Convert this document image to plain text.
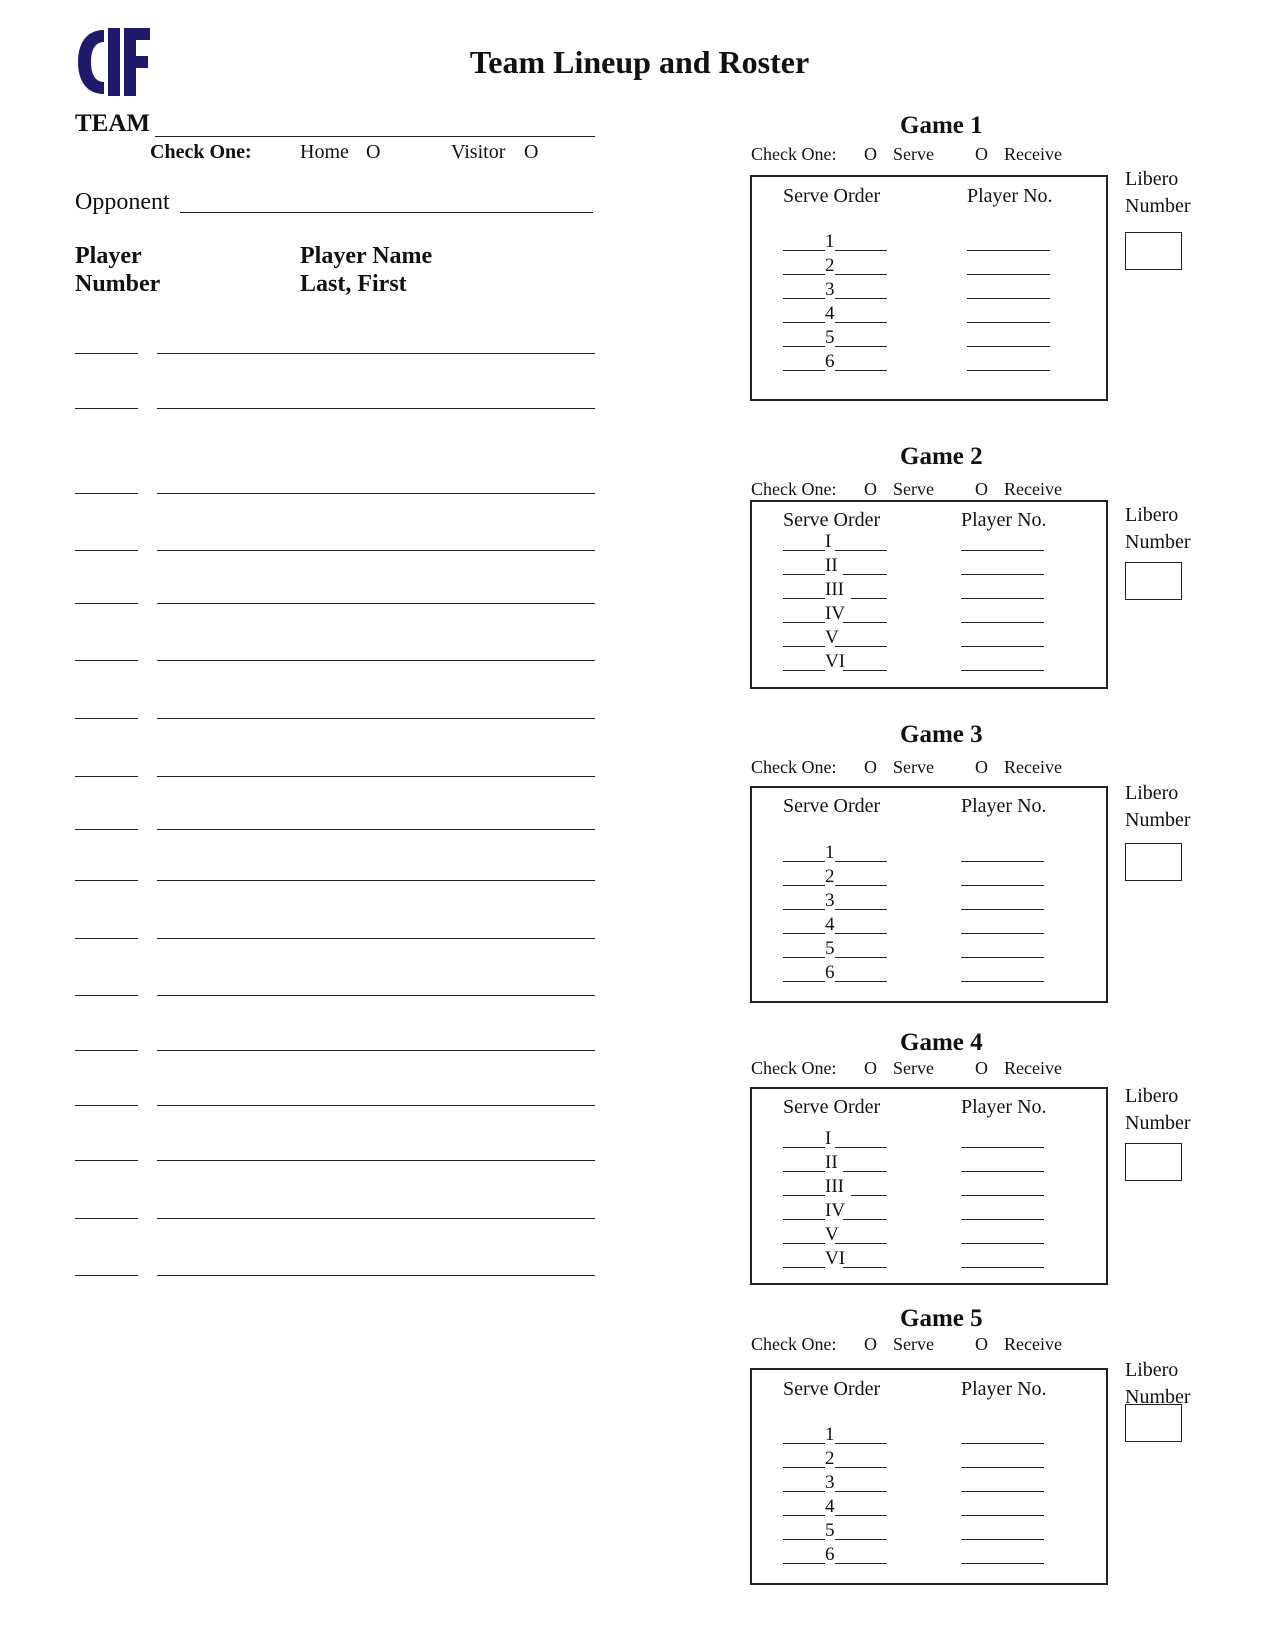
Team Lineup and Roster
TEAM
Check One: Home O	Visitor O
Opponent
Player
Number
Player Name
Last, First
Game 1
Check One: O Serve O Receive
Serve Order	Player No.
1
2
3
4
5
6
Libero
Number
Game 2
Check One: O Serve O Receive
Serve Order	Player No.
I
II
III
IV
V
VI
Libero
Number
Game 3
Check One: O Serve O Receive
Serve Order	Player No.
1
2
3
4
5
6
Libero
Number
Game 4
Check One: O Serve O Receive
Serve Order	Player No.
I
II
III
IV
V
VI
Libero
Number
Game 5
Check One: O Serve O Receive
Serve Order	Player No.
1
2
3
4
5
6
Libero
Number
